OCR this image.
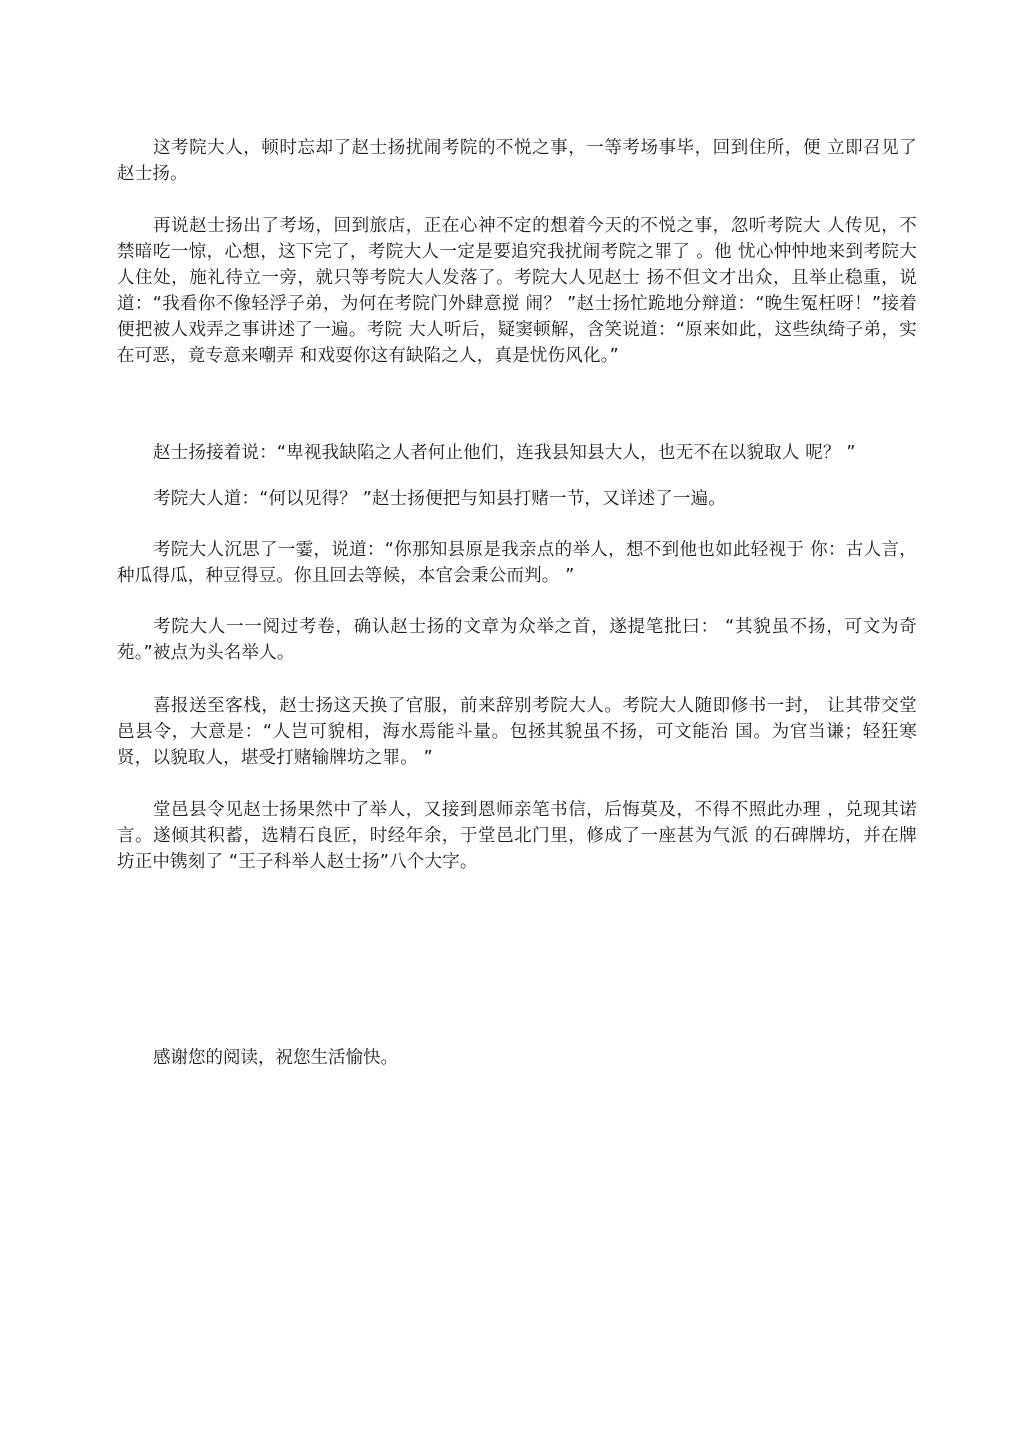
这考院大人，顿时忘却了赵士扬扰闹考院的不悦之事，一等考场事毕，回到住所，便 立即召见了赵士扬。

再说赵士扬出了考场，回到旅店，正在心神不定的想着今天的不悦之事，忽听考院大 人传见，不禁暗吃一惊，心想，这下完了，考院大人一定是要追究我扰闹考院之罪了 。他 忧心忡忡地来到考院大人住处，施礼待立一旁，就只等考院大人发落了。考院大人见赵士 扬不但文才出众，且举止稳重，说道：“我看你不像轻浮子弟，为何在考院门外肆意搅 闹？ ”赵士扬忙跪地分辩道：“晚生冤枉呀！”接着便把被人戏弄之事讲述了一遍。考院 大人听后，疑窦顿解，含笑说道：“原来如此，这些纨绮子弟，实在可恶，竟专意来嘲弄 和戏耍你这有缺陷之人，真是忧伤风化。”

赵士扬接着说：“卑视我缺陷之人者何止他们，连我县知县大人，也无不在以貌取人 呢？ ”

考院大人道：“何以见得？ ”赵士扬便把与知县打赌一节，又详述了一遍。

考院大人沉思了一霎，说道：“你那知县原是我亲点的举人，想不到他也如此轻视于 你：古人言，种瓜得瓜，种豆得豆。你且回去等候，本官会秉公而判。 ”

考院大人一一阅过考卷，确认赵士扬的文章为众举之首，遂提笔批曰： “其貌虽不扬，可文为奇苑。”被点为头名举人。

喜报送至客栈，赵士扬这天换了官服，前来辞别考院大人。考院大人随即修书一封， 让其带交堂邑县令，大意是：“人岂可貌相，海水焉能斗量。包拯其貌虽不扬，可文能治 国。为官当谦；轻狂寒贤，以貌取人，堪受打赌输牌坊之罪。 ”

堂邑县令见赵士扬果然中了举人，又接到恩师亲笔书信，后悔莫及，不得不照此办理 ，兑现其诺言。遂倾其积蓄，选精石良匠，时经年余，于堂邑北门里，修成了一座甚为气派 的石碑牌坊，并在牌坊正中镌刻了 “王子科举人赵士扬”八个大字。

感谢您的阅读，祝您生活愉快。
